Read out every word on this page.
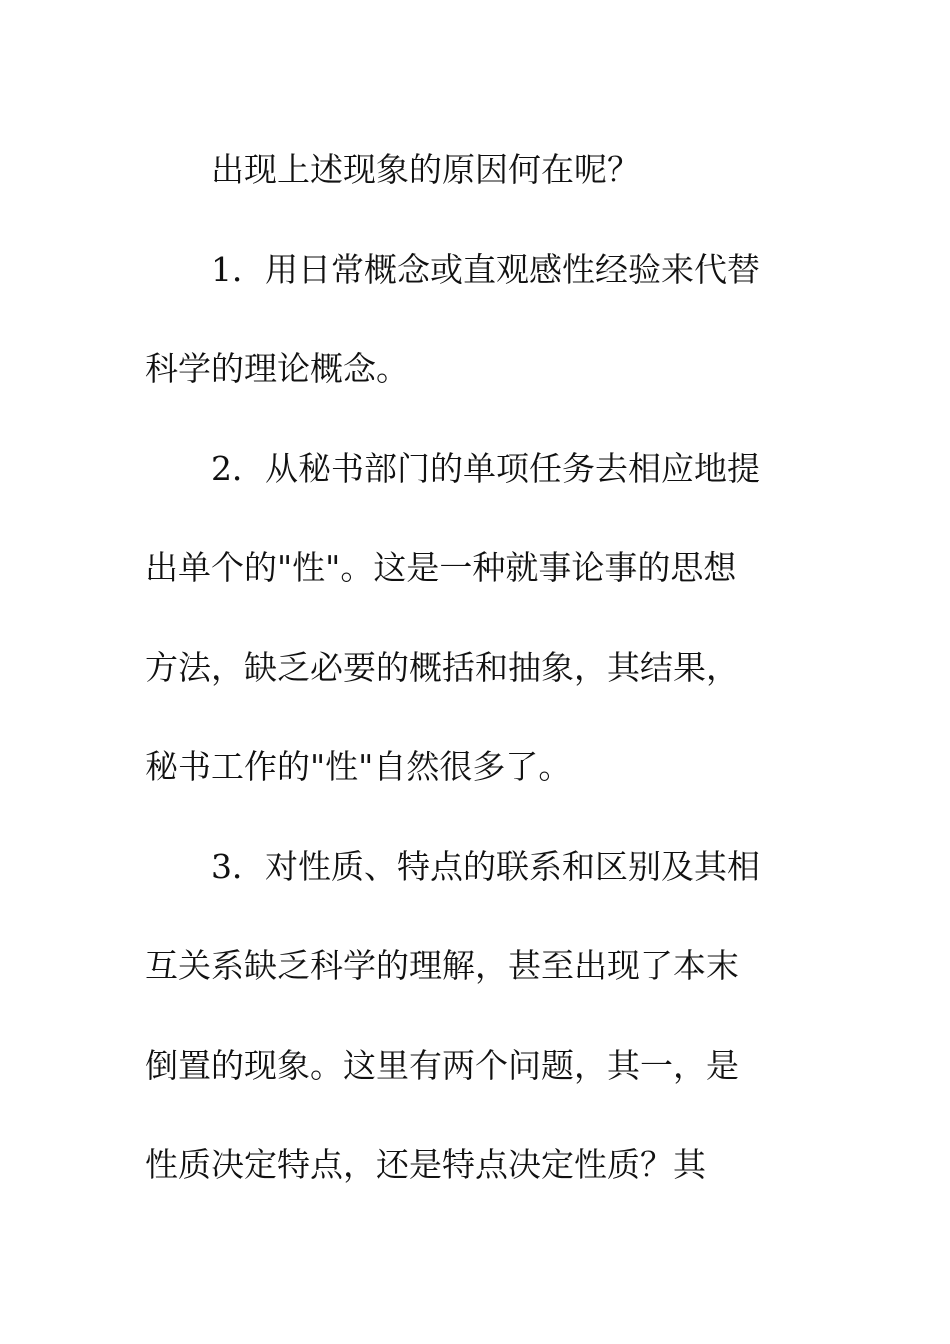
出现上述现象的原因何在呢？
1．用日常概念或直观感性经验来代替
科学的理论概念。
2．从秘书部门的单项任务去相应地提
出单个的"性"。这是一种就事论事的思想
方法，缺乏必要的概括和抽象，其结果，
秘书工作的"性"自然很多了。
3．对性质、特点的联系和区别及其相
互关系缺乏科学的理解，甚至出现了本末
倒置的现象。这里有两个问题，其一，是
性质决定特点，还是特点决定性质？其
